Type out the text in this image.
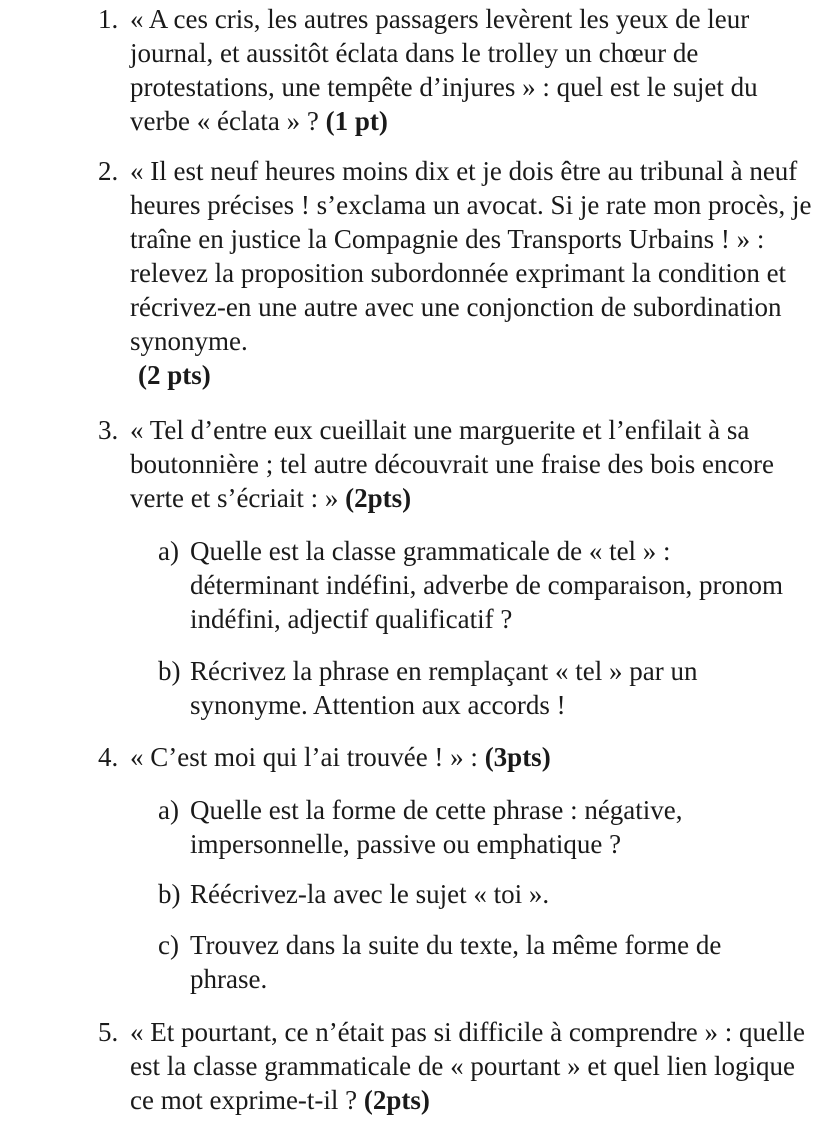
1. « A ces cris, les autres passagers levèrent les yeux de leur journal, et aussitôt éclata dans le trolley un chœur de protestations, une tempête d’injures » : quel est le sujet du verbe « éclata » ? (1 pt)
2. « Il est neuf heures moins dix et je dois être au tribunal à neuf heures précises ! s’exclama un avocat. Si je rate mon procès, je traîne en justice la Compagnie des Transports Urbains ! » : relevez la proposition subordonnée exprimant la condition et récrivez-en une autre avec une conjonction de subordination synonyme.
(2 pts)
3. « Tel d’entre eux cueillait une marguerite et l’enfilait à sa boutonnière ; tel autre découvrait une fraise des bois encore verte et s’écriait : » (2pts)
a) Quelle est la classe grammaticale de « tel » : déterminant indéfini, adverbe de comparaison, pronom indéfini, adjectif qualificatif ?
b) Récrivez la phrase en remplaçant « tel » par un synonyme. Attention aux accords !
4. « C’est moi qui l’ai trouvée ! » : (3pts)
a) Quelle est la forme de cette phrase : négative, impersonnelle, passive ou emphatique ?
b) Réécrivez-la avec le sujet « toi ».
c) Trouvez dans la suite du texte, la même forme de phrase.
5. « Et pourtant, ce n’était pas si difficile à comprendre » : quelle est la classe grammaticale de « pourtant » et quel lien logique ce mot exprime-t-il ? (2pts)
